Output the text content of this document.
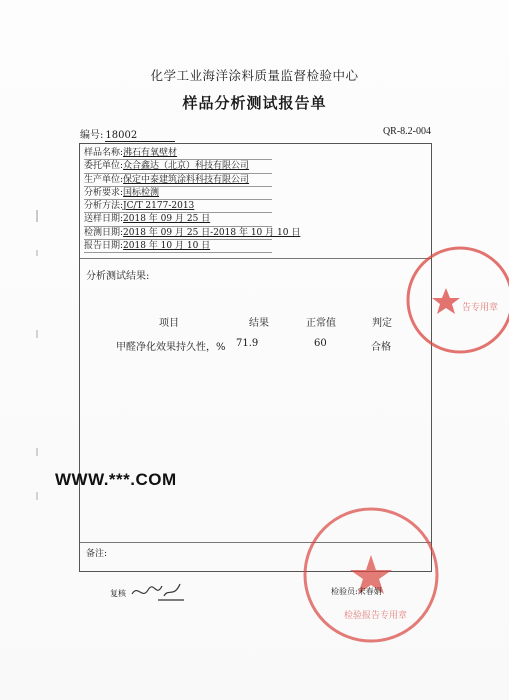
化学工业海洋涂料质量监督检验中心
样品分析测试报告单
编号: 18002	QR-8.2-004
样品名称:沸石有氧壁材
委托单位:众合鑫达（北京）科技有限公司
生产单位:保定中泰建筑涂料科技有限公司
分析要求:国标检测
分析方法:JC/T 2177-2013
送样日期:2018 年 09 月 25 日
检测日期:2018 年 09 月 25 日-2018 年 10 月 10 日
报告日期:2018 年 10 月 10 日
分析测试结果:
项目	结果	正常值	判定
甲醛净化效果持久性，% 71.9	60	合格
备注:
WWW.***.COM
告专用章
检验报告专用章
复核	检验员:宋春娟
